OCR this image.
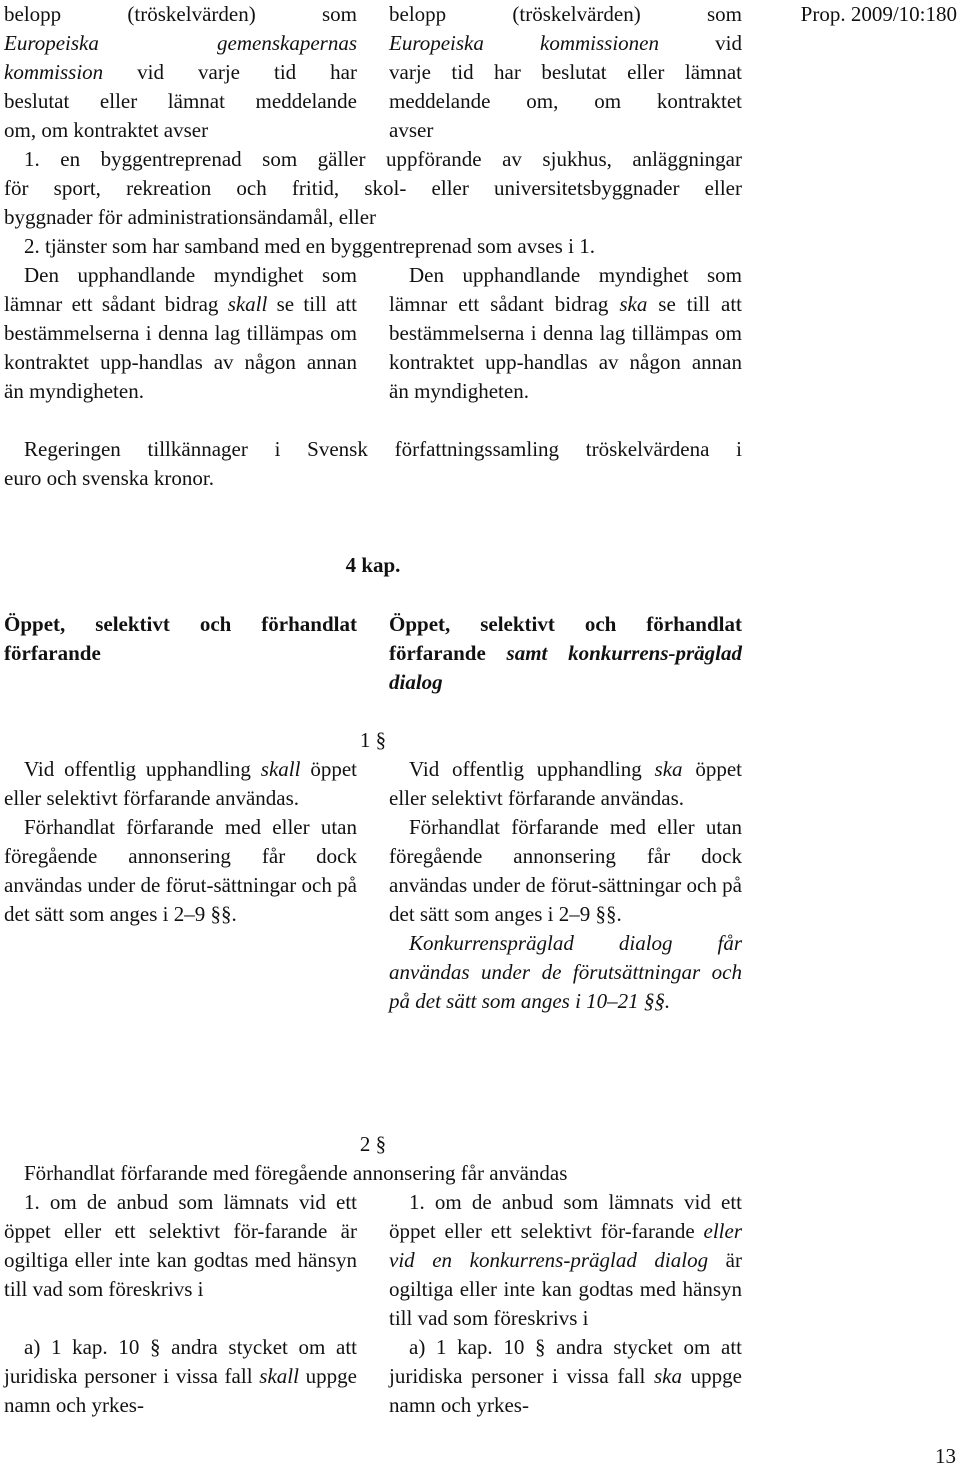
Prop. 2009/10:180
13
belopp (tröskelvärden) som
Europeiska gemenskapernas
kommission vid varje tid har
beslutat eller lämnat meddelande
om, om kontraktet avser
belopp (tröskelvärden) som
Europeiska kommissionen vid
varje tid har beslutat eller lämnat
meddelande om, om kontraktet
avser
1. en byggentreprenad som gäller uppförande av sjukhus, anläggningar
för sport, rekreation och fritid, skol- eller universitetsbyggnader eller
byggnader för administrationsändamål, eller
2. tjänster som har samband med en byggentreprenad som avses i 1.

Den upphandlande myndighet som lämnar ett sådant bidrag skall se till att bestämmelserna i denna lag tillämpas om kontraktet upp-handlas av någon annan än myndigheten.

Den upphandlande myndighet som lämnar ett sådant bidrag ska se till att bestämmelserna i denna lag tillämpas om kontraktet upp-handlas av någon annan än myndigheten.

Regeringen tillkännager i Svensk författningssamling tröskelvärdena i
euro och svenska kronor.
4 kap.
Öppet, selektivt och förhandlat förfarande
Öppet, selektivt och förhandlat förfarande samt konkurrens-präglad dialog
1 §

Vid offentlig upphandling skall öppet eller selektivt förfarande användas.

Förhandlat förfarande med eller utan föregående annonsering får dock användas under de förut-sättningar och på det sätt som anges i 2–9 §§.

Vid offentlig upphandling ska öppet eller selektivt förfarande användas.

Förhandlat förfarande med eller utan föregående annonsering får dock användas under de förut-sättningar och på det sätt som anges i 2–9 §§.

Konkurrenspräglad dialog får användas under de förutsättningar och på det sätt som anges i 10–21 §§.

2 §
Förhandlat förfarande med föregående annonsering får användas

1. om de anbud som lämnats vid ett öppet eller ett selektivt för-farande är ogiltiga eller inte kan godtas med hänsyn till vad som föreskrivs i

a) 1 kap. 10 § andra stycket om att juridiska personer i vissa fall skall uppge namn och yrkes-

1. om de anbud som lämnats vid ett öppet eller ett selektivt för-farande eller vid en konkurrens-präglad dialog är ogiltiga eller inte kan godtas med hänsyn till vad som föreskrivs i

a) 1 kap. 10 § andra stycket om att juridiska personer i vissa fall ska uppge namn och yrkes-
